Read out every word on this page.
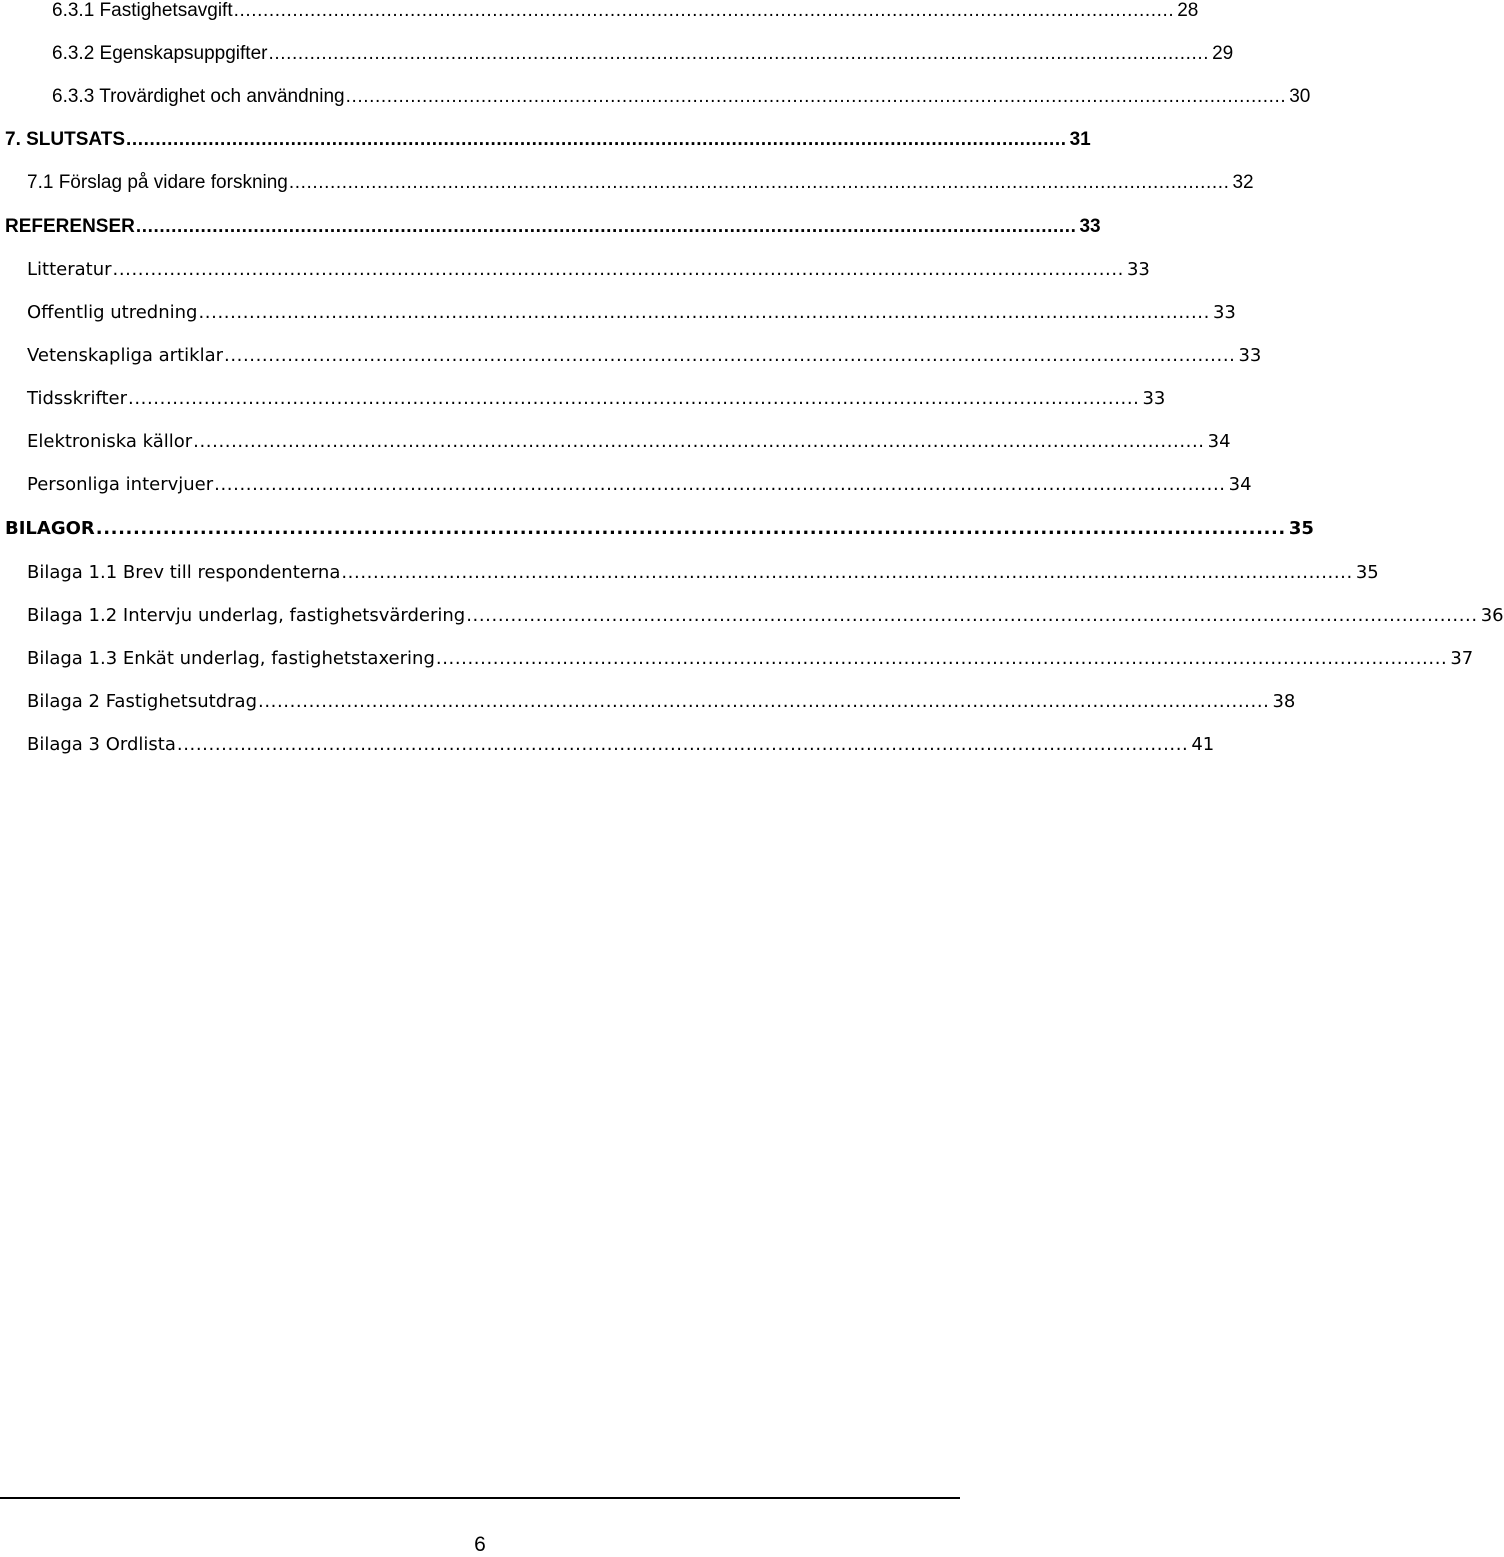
6.3.1 Fastighetsavgift ................................................................................................................................................................ 28
6.3.2 Egenskapsuppgifter ................................................................................................................................................................ 29
6.3.3 Trovärdighet och användning ................................................................................................................................................................ 30
7. SLUTSATS ................................................................................................................................................................ 31
7.1 Förslag på vidare forskning ................................................................................................................................................................ 32
REFERENSER ................................................................................................................................................................ 33
Litteratur ................................................................................................................................................................ 33
Offentlig utredning ................................................................................................................................................................ 33
Vetenskapliga artiklar ................................................................................................................................................................ 33
Tidsskrifter ................................................................................................................................................................ 33
Elektroniska källor ................................................................................................................................................................ 34
Personliga intervjuer ................................................................................................................................................................ 34
BILAGOR ................................................................................................................................................................ 35
Bilaga 1.1 Brev till respondenterna ................................................................................................................................................................ 35
Bilaga 1.2 Intervju underlag, fastighetsvärdering ................................................................................................................................................................ 36
Bilaga 1.3 Enkät underlag, fastighetstaxering ................................................................................................................................................................ 37
Bilaga 2 Fastighetsutdrag ................................................................................................................................................................ 38
Bilaga 3 Ordlista ................................................................................................................................................................ 41
6
